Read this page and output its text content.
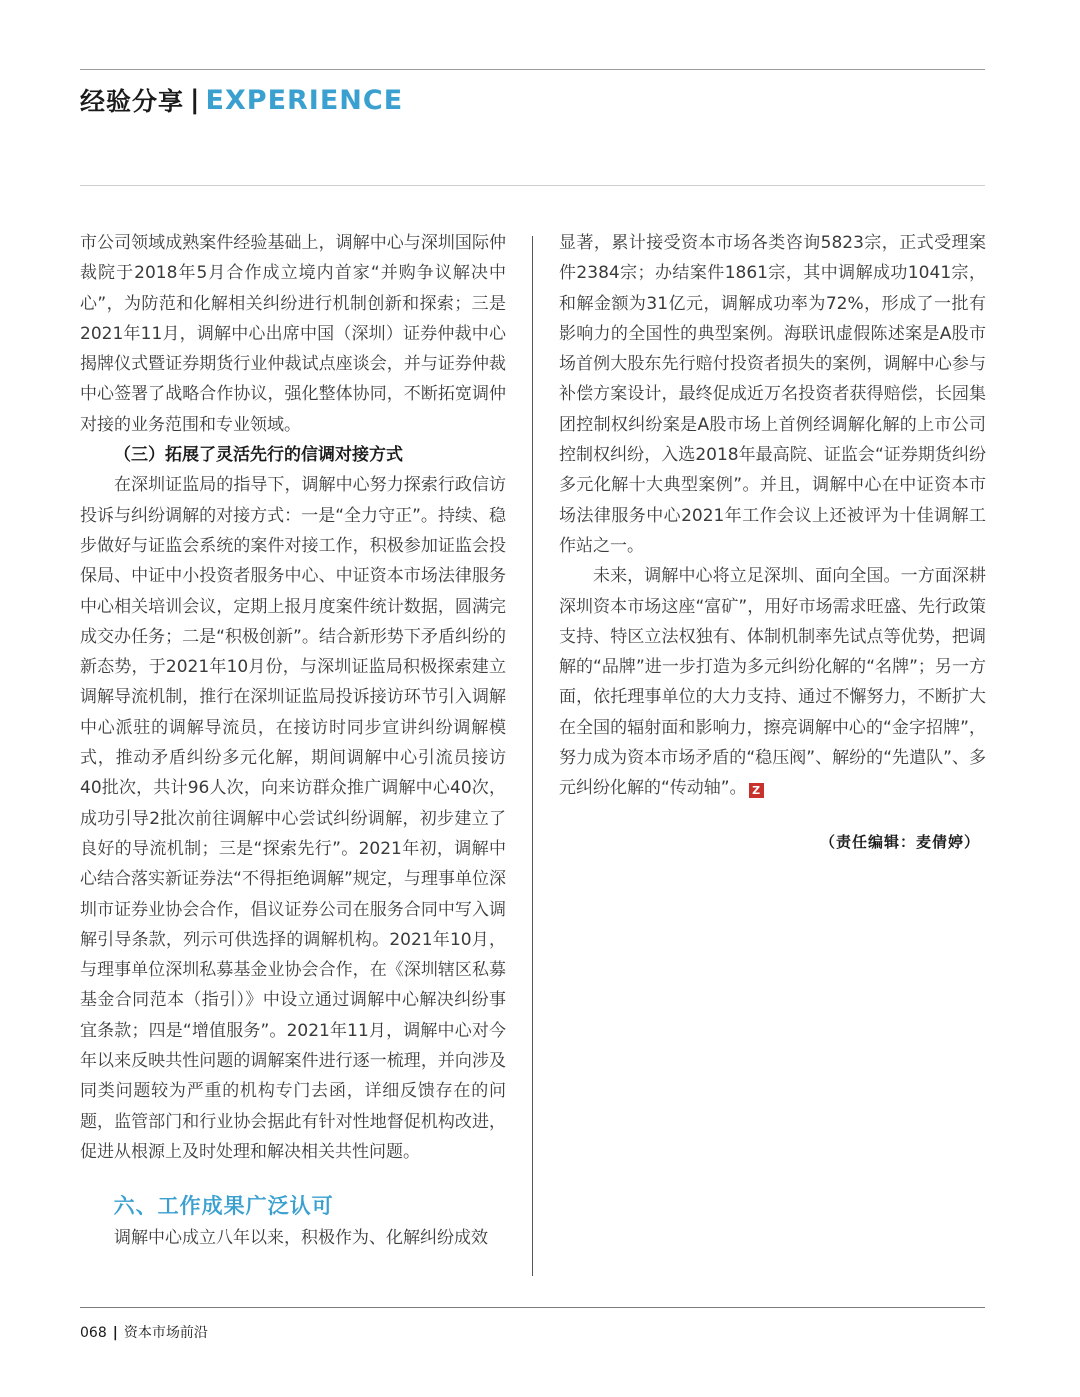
经验分享 | EXPERIENCE

市公司领域成熟案件经验基础上，调解中心与深圳国际仲裁院于2018年5月合作成立境内首家“并购争议解决中心”，为防范和化解相关纠纷进行机制创新和探索；三是2021年11月，调解中心出席中国（深圳）证券仲裁中心揭牌仪式暨证券期货行业仲裁试点座谈会，并与证券仲裁中心签署了战略合作协议，强化整体协同，不断拓宽调仲对接的业务范围和专业领域。

（三）拓展了灵活先行的信调对接方式

在深圳证监局的指导下，调解中心努力探索行政信访投诉与纠纷调解的对接方式：一是“全力守正”。持续、稳步做好与证监会系统的案件对接工作，积极参加证监会投保局、中证中小投资者服务中心、中证资本市场法律服务中心相关培训会议，定期上报月度案件统计数据，圆满完成交办任务；二是“积极创新”。结合新形势下矛盾纠纷的新态势，于2021年10月份，与深圳证监局积极探索建立调解导流机制，推行在深圳证监局投诉接访环节引入调解中心派驻的调解导流员，在接访时同步宣讲纠纷调解模式，推动矛盾纠纷多元化解，期间调解中心引流员接访40批次，共计96人次，向来访群众推广调解中心40次，成功引导2批次前往调解中心尝试纠纷调解，初步建立了良好的导流机制；三是“探索先行”。2021年初，调解中心结合落实新证券法“不得拒绝调解”规定，与理事单位深圳市证券业协会合作，倡议证券公司在服务合同中写入调解引导条款，列示可供选择的调解机构。2021年10月，与理事单位深圳私募基金业协会合作，在《深圳辖区私募基金合同范本（指引）》中设立通过调解中心解决纠纷事宜条款；四是“增值服务”。2021年11月，调解中心对今年以来反映共性问题的调解案件进行逐一梳理，并向涉及同类问题较为严重的机构专门去函，详细反馈存在的问题，监管部门和行业协会据此有针对性地督促机构改进，促进从根源上及时处理和解决相关共性问题。

六、工作成果广泛认可

调解中心成立八年以来，积极作为、化解纠纷成效

显著，累计接受资本市场各类咨询5823宗，正式受理案件2384宗；办结案件1861宗，其中调解成功1041宗，和解金额为31亿元，调解成功率为72%，形成了一批有影响力的全国性的典型案例。海联讯虚假陈述案是A股市场首例大股东先行赔付投资者损失的案例，调解中心参与补偿方案设计，最终促成近万名投资者获得赔偿，长园集团控制权纠纷案是A股市场上首例经调解化解的上市公司控制权纠纷，入选2018年最高院、证监会“证券期货纠纷多元化解十大典型案例”。并且，调解中心在中证资本市场法律服务中心2021年工作会议上还被评为十佳调解工作站之一。

未来，调解中心将立足深圳、面向全国。一方面深耕深圳资本市场这座“富矿”，用好市场需求旺盛、先行政策支持、特区立法权独有、体制机制率先试点等优势，把调解的“品牌”进一步打造为多元纠纷化解的“名牌”；另一方面，依托理事单位的大力支持、通过不懈努力，不断扩大在全国的辐射面和影响力，擦亮调解中心的“金字招牌”，努力成为资本市场矛盾的“稳压阀”、解纷的“先遣队”、多元纠纷化解的“传动轴”。 Z

（责任编辑：麦倩婷）
068 | 资本市场前沿
